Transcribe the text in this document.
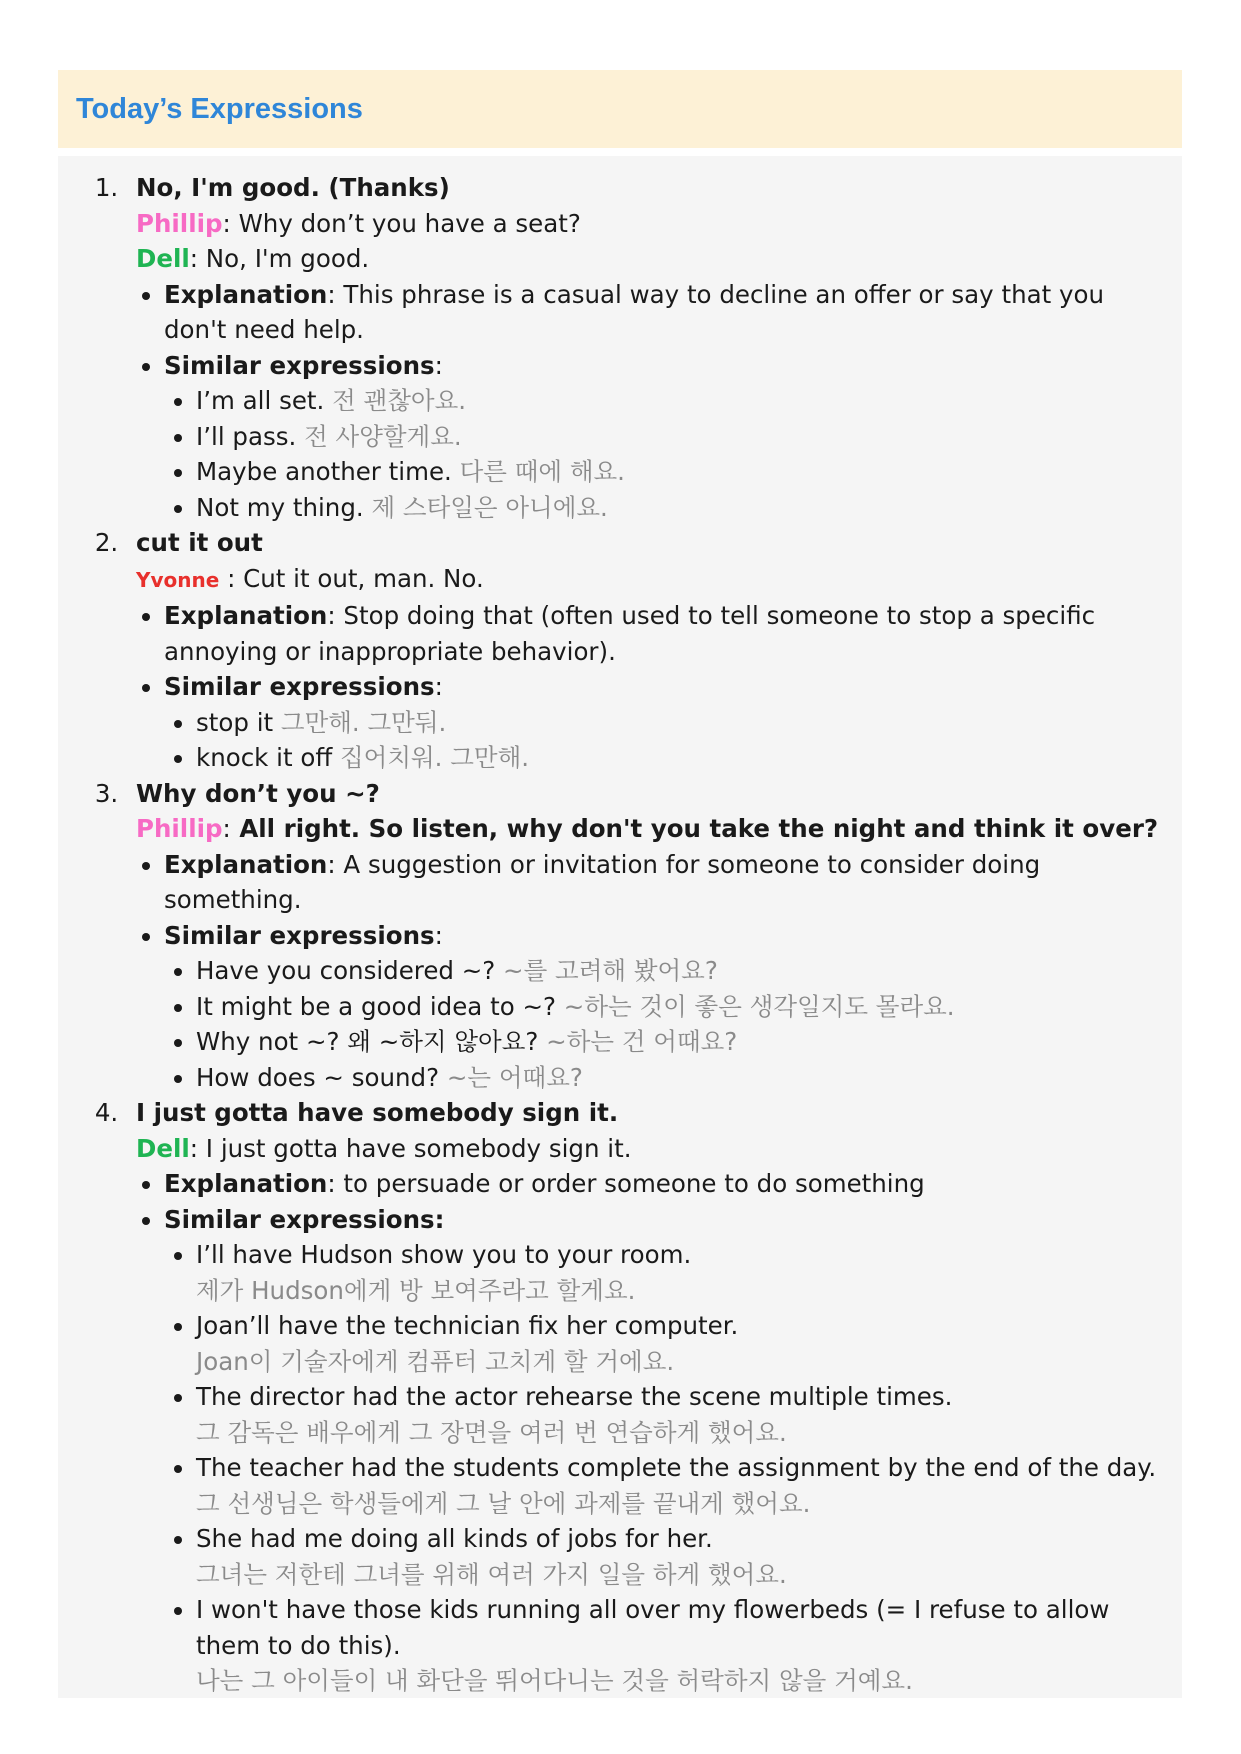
Today’s Expressions
1. No, I'm good. (Thanks)
Phillip: Why don’t you have a seat?
Dell: No, I'm good.
• Explanation: This phrase is a casual way to decline an offer or say that you don't need help.
• Similar expressions:
• I’m all set. 전 괜찮아요.
• I’ll pass. 전 사양할게요.
• Maybe another time. 다른 때에 해요.
• Not my thing. 제 스타일은 아니에요.
2. cut it out
Yvonne : Cut it out, man. No.
• Explanation: Stop doing that (often used to tell someone to stop a specific annoying or inappropriate behavior).
• Similar expressions:
• stop it 그만해. 그만둬.
• knock it off 집어치워. 그만해.
3. Why don’t you ~?
Phillip: All right. So listen, why don't you take the night and think it over?
• Explanation: A suggestion or invitation for someone to consider doing something.
• Similar expressions:
• Have you considered ~? ~를 고려해 봤어요?
• It might be a good idea to ~? ~하는 것이 좋은 생각일지도 몰라요.
• Why not ~? 왜 ~하지 않아요? ~하는 건 어때요?
• How does ~ sound? ~는 어때요?
4. I just gotta have somebody sign it.
Dell: I just gotta have somebody sign it.
• Explanation: to persuade or order someone to do something
• Similar expressions:
• I’ll have Hudson show you to your room.
제가 Hudson에게 방 보여주라고 할게요.
• Joan’ll have the technician fix her computer.
Joan이 기술자에게 컴퓨터 고치게 할 거에요.
• The director had the actor rehearse the scene multiple times.
그 감독은 배우에게 그 장면을 여러 번 연습하게 했어요.
• The teacher had the students complete the assignment by the end of the day.
그 선생님은 학생들에게 그 날 안에 과제를 끝내게 했어요.
• She had me doing all kinds of jobs for her.
그녀는 저한테 그녀를 위해 여러 가지 일을 하게 했어요.
• I won't have those kids running all over my flowerbeds (= I refuse to allow them to do this).
나는 그 아이들이 내 화단을 뛰어다니는 것을 허락하지 않을 거예요.
